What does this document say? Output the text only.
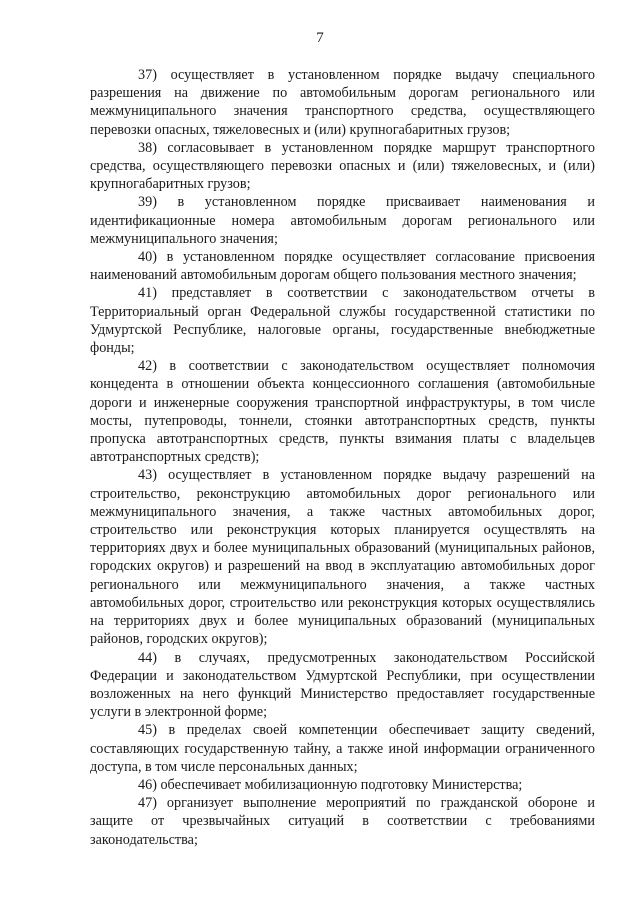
7

37) осуществляет в установленном порядке выдачу специального разрешения на движение по автомобильным дорогам регионального или межмуниципального значения транспортного средства, осуществляющего перевозки опасных, тяжеловесных и (или) крупногабаритных грузов;

38) согласовывает в установленном порядке маршрут транспортного средства, осуществляющего перевозки опасных и (или) тяжеловесных, и (или) крупногабаритных грузов;

39) в установленном порядке присваивает наименования и идентификационные номера автомобильным дорогам регионального или межмуниципального значения;

40) в установленном порядке осуществляет согласование присвоения наименований автомобильным дорогам общего пользования местного значения;

41) представляет в соответствии с законодательством отчеты в Территориальный орган Федеральной службы государственной статистики по Удмуртской Республике, налоговые органы, государственные внебюджетные фонды;

42) в соответствии с законодательством осуществляет полномочия концедента в отношении объекта концессионного соглашения (автомобильные дороги и инженерные сооружения транспортной инфраструктуры, в том числе мосты, путепроводы, тоннели, стоянки автотранспортных средств, пункты пропуска автотранспортных средств, пункты взимания платы с владельцев автотранспортных средств);

43) осуществляет в установленном порядке выдачу разрешений на строительство, реконструкцию автомобильных дорог регионального или межмуниципального значения, а также частных автомобильных дорог, строительство или реконструкция которых планируется осуществлять на территориях двух и более муниципальных образований (муниципальных районов, городских округов) и разрешений на ввод в эксплуатацию автомобильных дорог регионального или межмуниципального значения, а также частных автомобильных дорог, строительство или реконструкция которых осуществлялись на территориях двух и более муниципальных образований (муниципальных районов, городских округов);

44) в случаях, предусмотренных законодательством Российской Федерации и законодательством Удмуртской Республики, при осуществлении возложенных на него функций Министерство предоставляет государственные услуги в электронной форме;

45) в пределах своей компетенции обеспечивает защиту сведений, составляющих государственную тайну, а также иной информации ограниченного доступа, в том числе персональных данных;

46) обеспечивает мобилизационную подготовку Министерства;

47) организует выполнение мероприятий по гражданской обороне и защите от чрезвычайных ситуаций в соответствии с требованиями законодательства;
